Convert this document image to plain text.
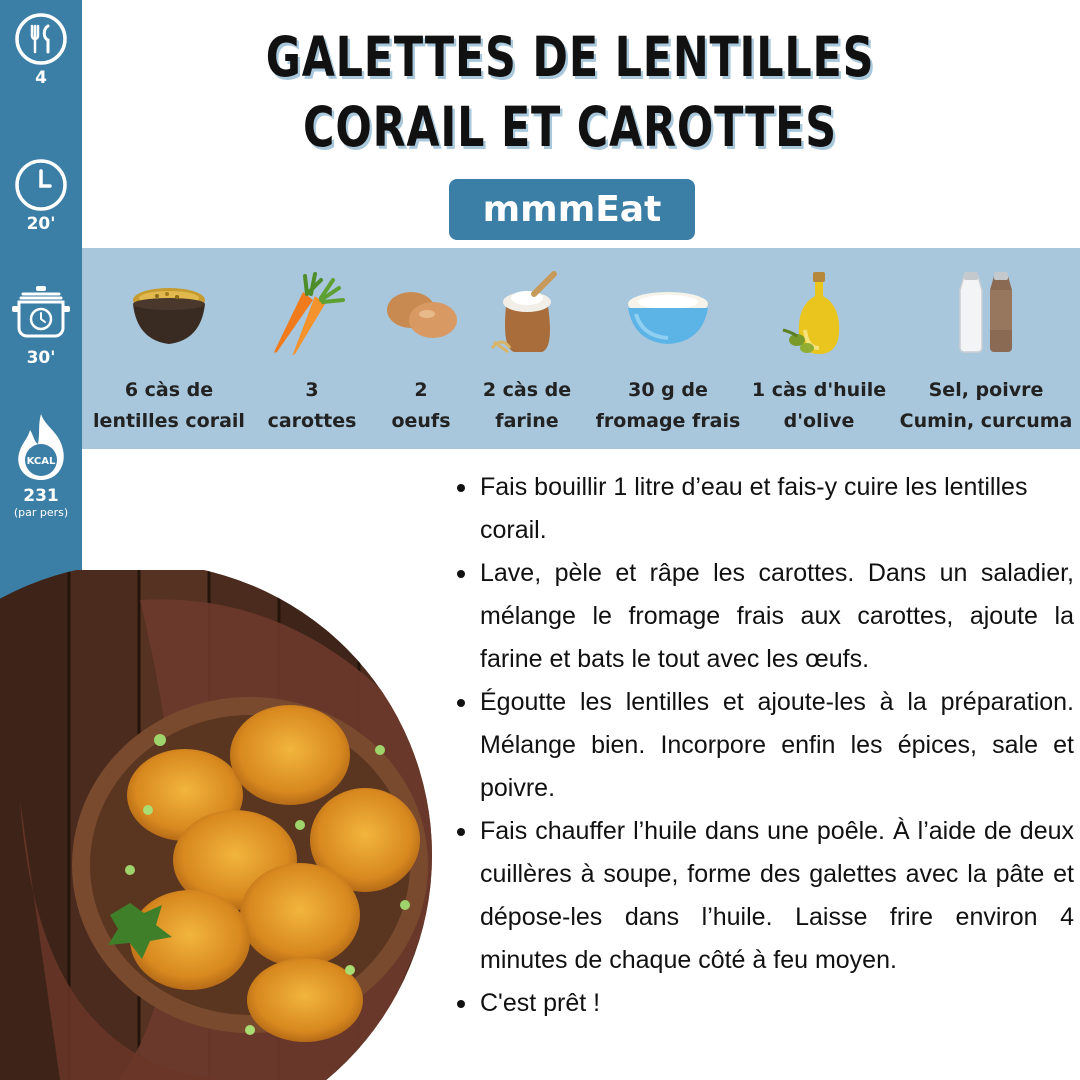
4
20'
30'
KCAL
231
(par pers)
GALETTES DE LENTILLES CORAIL ET CAROTTES
mmmEat
6 càs de
lentilles corail
3
carottes
2
oeufs
2 càs de
farine
30 g de
fromage frais
1 càs d'huile
d'olive
Sel, poivre
Cumin, curcuma
Fais bouillir 1 litre d’eau et fais-y cuire les lentilles corail.
Lave, pèle et râpe les carottes. Dans un saladier, mélange le fromage frais aux carottes, ajoute la farine et bats le tout avec les œufs.
Égoutte les lentilles et ajoute-les à la préparation. Mélange bien. Incorpore enfin les épices, sale et poivre.
Fais chauffer l’huile dans une poêle. À l’aide de deux cuillères à soupe, forme des galettes avec la pâte et dépose-les dans l’huile. Laisse frire environ 4 minutes de chaque côté à feu moyen.
C'est prêt !
